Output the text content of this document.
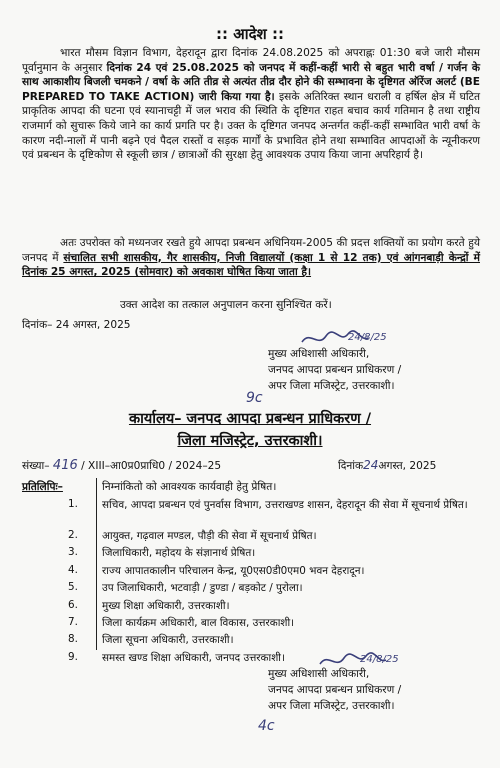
:: आदेश ::
भारत मौसम विज्ञान विभाग, देहरादून द्वारा दिनांक 24.08.2025 को अपराह्नः 01:30 बजे जारी मौसम पूर्वानुमान के अनुसार दिनांक 24 एवं 25.08.2025 को जनपद में कहीं-कहीं भारी से बहुत भारी वर्षा / गर्जन के साथ आकाशीय बिजली चमकने / वर्षा के अति तीव्र से अत्यंत तीव्र दौर होने की सम्भावना के दृष्टिगत ऑरेंज अलर्ट (BE PREPARED TO TAKE ACTION) जारी किया गया है। इसके अतिरिक्त स्थान धराली व हर्षिल क्षेत्र में घटित प्राकृतिक आपदा की घटना एवं स्यानाचट्टी में जल भराव की स्थिति के दृष्टिगत राहत बचाव कार्य गतिमान है तथा राष्ट्रीय राजमार्ग को सुचारू किये जाने का कार्य प्रगति पर है। उक्त के दृष्टिगत जनपद अन्तर्गत कहीं-कहीं सम्भावित भारी वर्षा के कारण नदी-नालों में पानी बढ़ने एवं पैदल रास्तों व सड़क मार्गों के प्रभावित होने तथा सम्भावित आपदाओं के न्यूनीकरण एवं प्रबन्धन के दृष्टिकोण से स्कूली छात्र / छात्राओं की सुरक्षा हेतु आवश्यक उपाय किया जाना अपरिहार्य है।
अतः उपरोक्त को मध्यनजर रखते हुये आपदा प्रबन्धन अधिनियम-2005 की प्रदत्त शक्तियों का प्रयोग करते हुये जनपद में संचालित सभी शासकीय, गैर शासकीय, निजी विद्यालयों (कक्षा 1 से 12 तक) एवं आंगनबाड़ी केन्द्रों में दिनांक 25 अगस्त, 2025 (सोमवार) को अवकाश घोषित किया जाता है।
उक्त आदेश का तत्काल अनुपालन करना सुनिश्चित करें।
दिनांक– 24 अगस्त, 2025
24/8/25
मुख्य अधिशासी अधिकारी,
जनपद आपदा प्रबन्धन प्राधिकरण /
अपर जिला मजिस्ट्रेट, उत्तरकाशी।
9c
कार्यालय– जनपद आपदा प्रबन्धन प्राधिकरण /
जिला मजिस्ट्रेट, उत्तरकाशी।
संख्या– 416 / XIII–आ0प्र0प्राधि0 / 2024–25	दिनांक24अगस्त, 2025
प्रतिलिपिः–	निम्नांकितो को आवश्यक कार्यवाही हेतु प्रेषित।
1.	सचिव, आपदा प्रबन्धन एवं पुनर्वास विभाग, उत्तराखण्ड शासन, देहरादून की सेवा में सूचनार्थ प्रेषित।
2.	आयुक्त, गढ़वाल मण्डल, पौड़ी की सेवा में सूचनार्थ प्रेषित।
3.	जिलाधिकारी, महोदय के संज्ञानार्थ प्रेषित।
4.	राज्य आपातकालीन परिचालन केन्द्र, यू0एस0डी0एम0 भवन देहरादून।
5.	उप जिलाधिकारी, भटवाड़ी / डुण्डा / बड़कोट / पुरोला।
6.	मुख्य शिक्षा अधिकारी, उत्तरकाशी।
7.	जिला कार्यक्रम अधिकारी, बाल विकास, उत्तरकाशी।
8.	जिला सूचना अधिकारी, उत्तरकाशी।
9.	समस्त खण्ड शिक्षा अधिकारी, जनपद उत्तरकाशी।	24/8/25
मुख्य अधिशासी अधिकारी,
जनपद आपदा प्रबन्धन प्राधिकरण /
अपर जिला मजिस्ट्रेट, उत्तरकाशी।
4c
